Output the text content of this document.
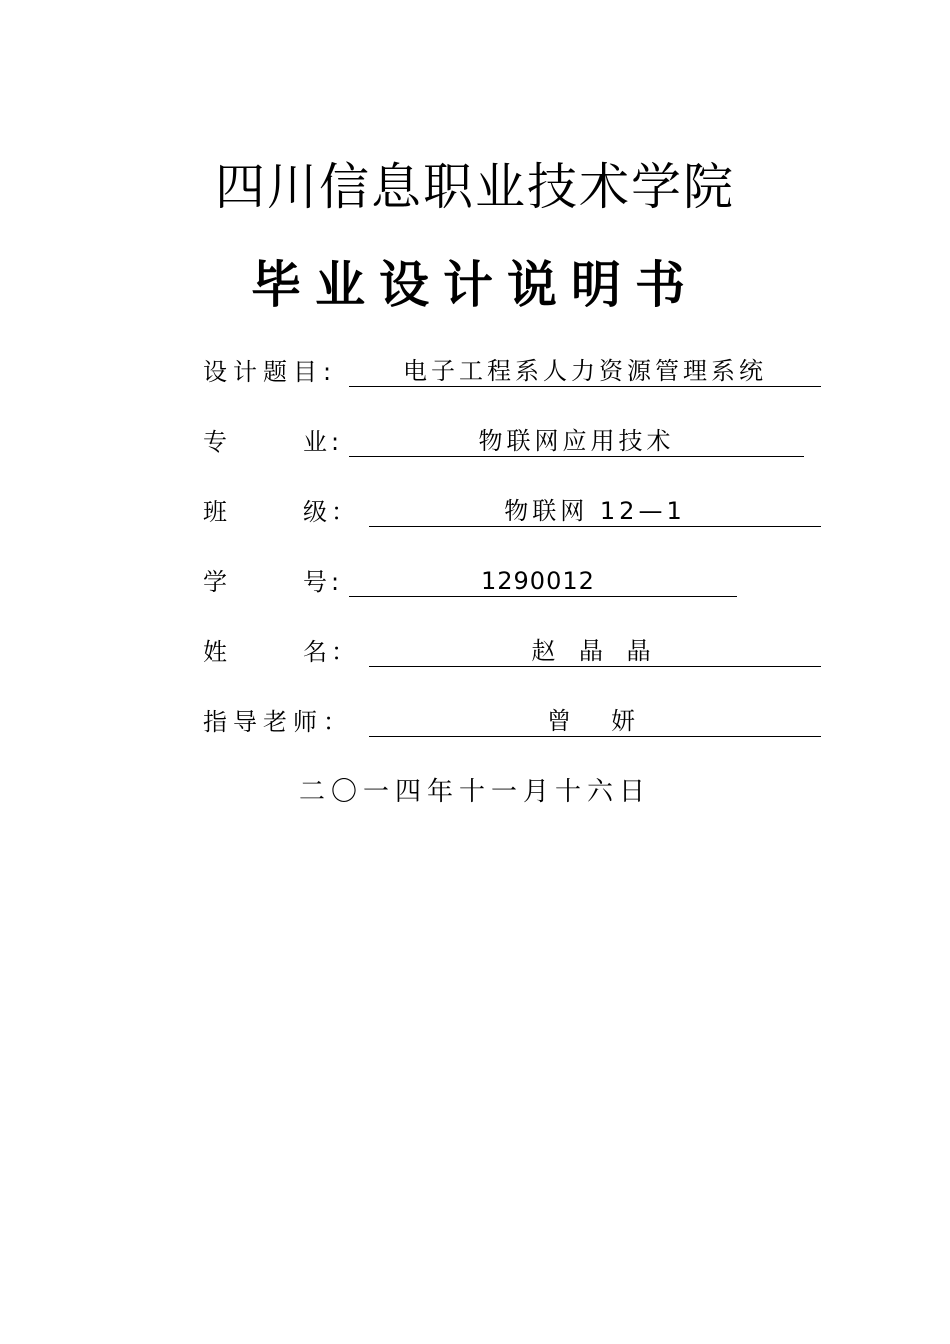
四川信息职业技术学院
毕业设计说明书
设计题目:	电子工程系人力资源管理系统
专	业 :	物联网应用技术
班	级 ：	物联网 12—1
学	号 :	1290012
姓	名 ：	赵 晶 晶
指导老师：	曾　妍
二〇一四年十一月十六日
